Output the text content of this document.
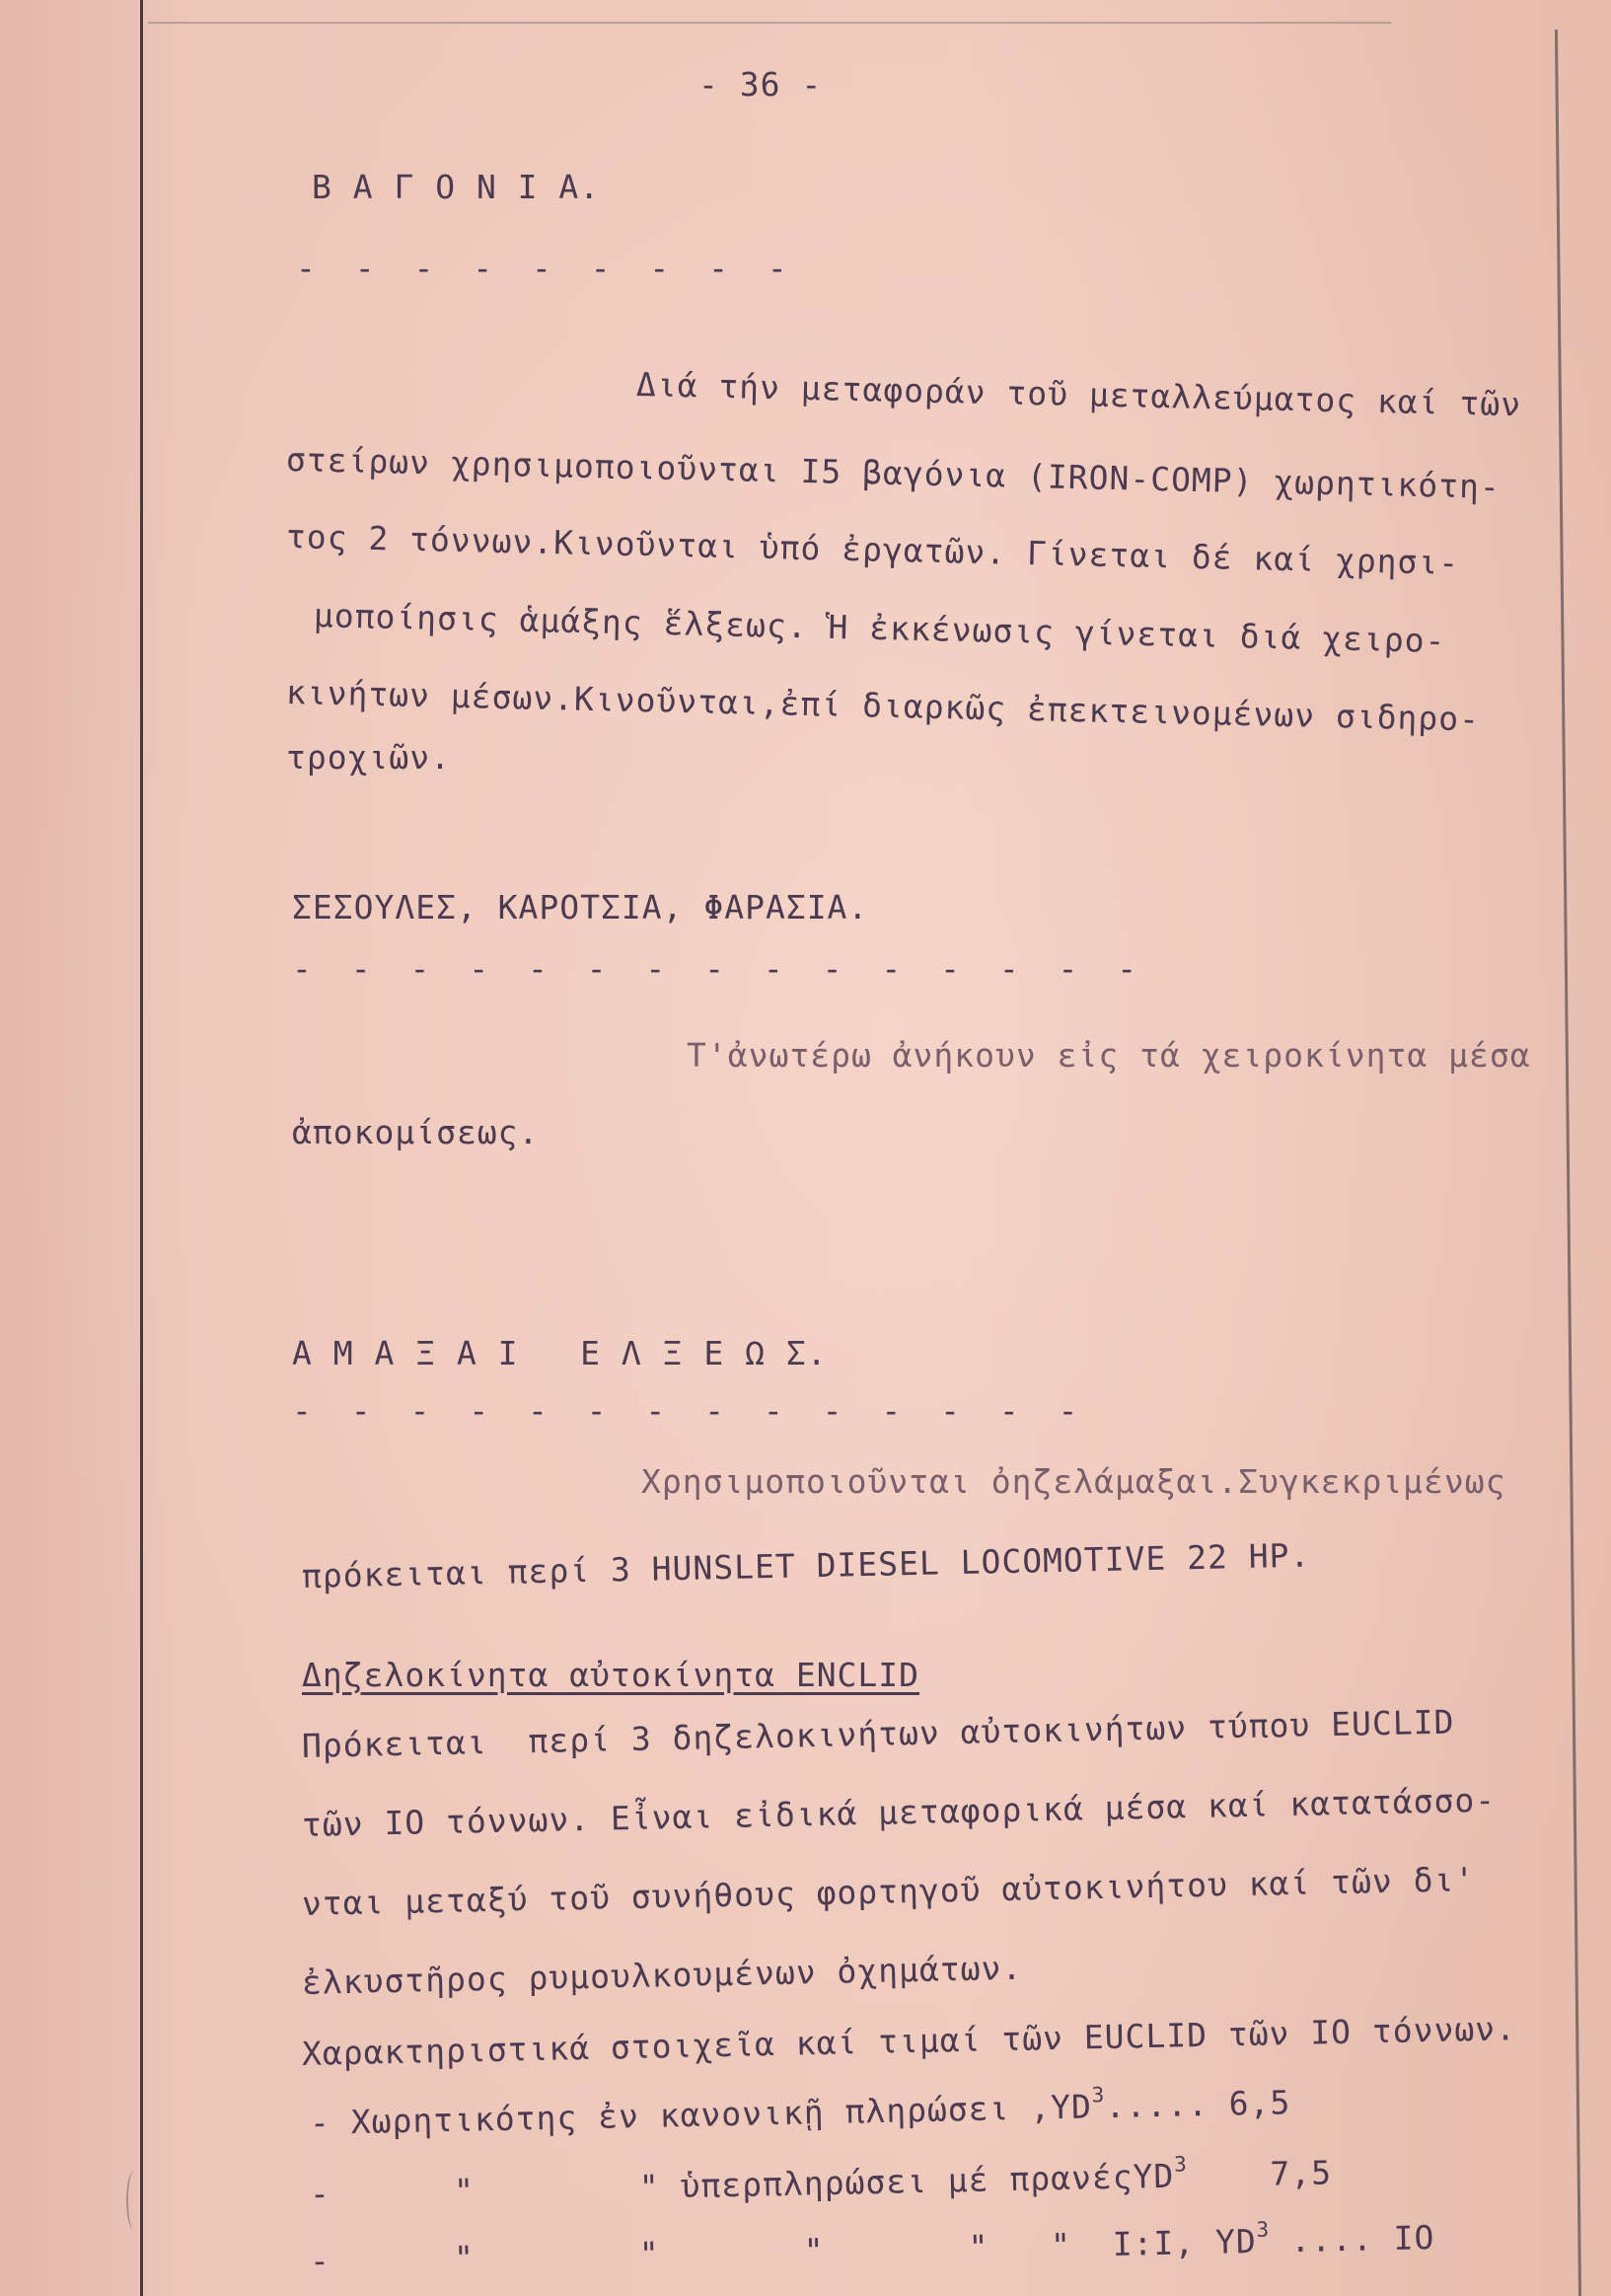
- 36 -
Β Α Γ Ο Ν Ι Α.
- - - - - - - - -
Διά τήν μεταφοράν τοῦ μεταλλεύματος καί τῶν
στείρων χρησιμοποιοῦνται Ι5 βαγόνια (IRON-COMP) χωρητικότη-
τος 2 τόννων.Κινοῦνται ὑπό ἐργατῶν. Γίνεται δέ καί χρησι-
μοποίησις ἁμάξης ἕλξεως. Ἡ ἐκκένωσις γίνεται διά χειρο-
κινήτων μέσων.Κινοῦνται,ἐπί διαρκῶς ἐπεκτεινομένων σιδηρο-
τροχιῶν.
ΣΕΣΟΥΛΕΣ, ΚΑΡΟΤΣΙΑ, ΦΑΡΑΣΙΑ.
- - - - - - - - - - - - - - -
Τ'ἀνωτέρω ἀνήκουν εἰς τά χειροκίνητα μέσα
ἀποκομίσεως.
Α Μ Α Ξ Α Ι   Ε Λ Ξ Ε Ω Σ.
- - - - - - - - - - - - - -
Χρησιμοποιοῦνται ὀηζελάμαξαι.Συγκεκριμένως
πρόκειται περί 3 HUNSLET DIESEL LOCOMOTIVE 22 HP.
Δηζελοκίνητα αὐτοκίνητα ENCLID
Πρόκειται  περί 3 δηζελοκινήτων αὐτοκινήτων τύπου EUCLID
τῶν ΙΟ τόννων. Εἶναι εἰδικά μεταφορικά μέσα καί κατατάσσο-
νται μεταξύ τοῦ συνήθους φορτηγοῦ αὐτοκινήτου καί τῶν δι'
ἐλκυστῆρος ρυμουλκουμένων ὀχημάτων.
Χαρακτηριστικά στοιχεῖα καί τιμαί τῶν EUCLID τῶν ΙΟ τόννων.
- Χωρητικότης ἐν κανονικῇ πληρώσει $,YD^3$..... 6,5
-      "        " ὑπερπληρώσει μέ πρανέςYD$^3$    7,5
-      "        "       "       "   "  Ι:Ι, $YD^3$ .... ΙΟ
